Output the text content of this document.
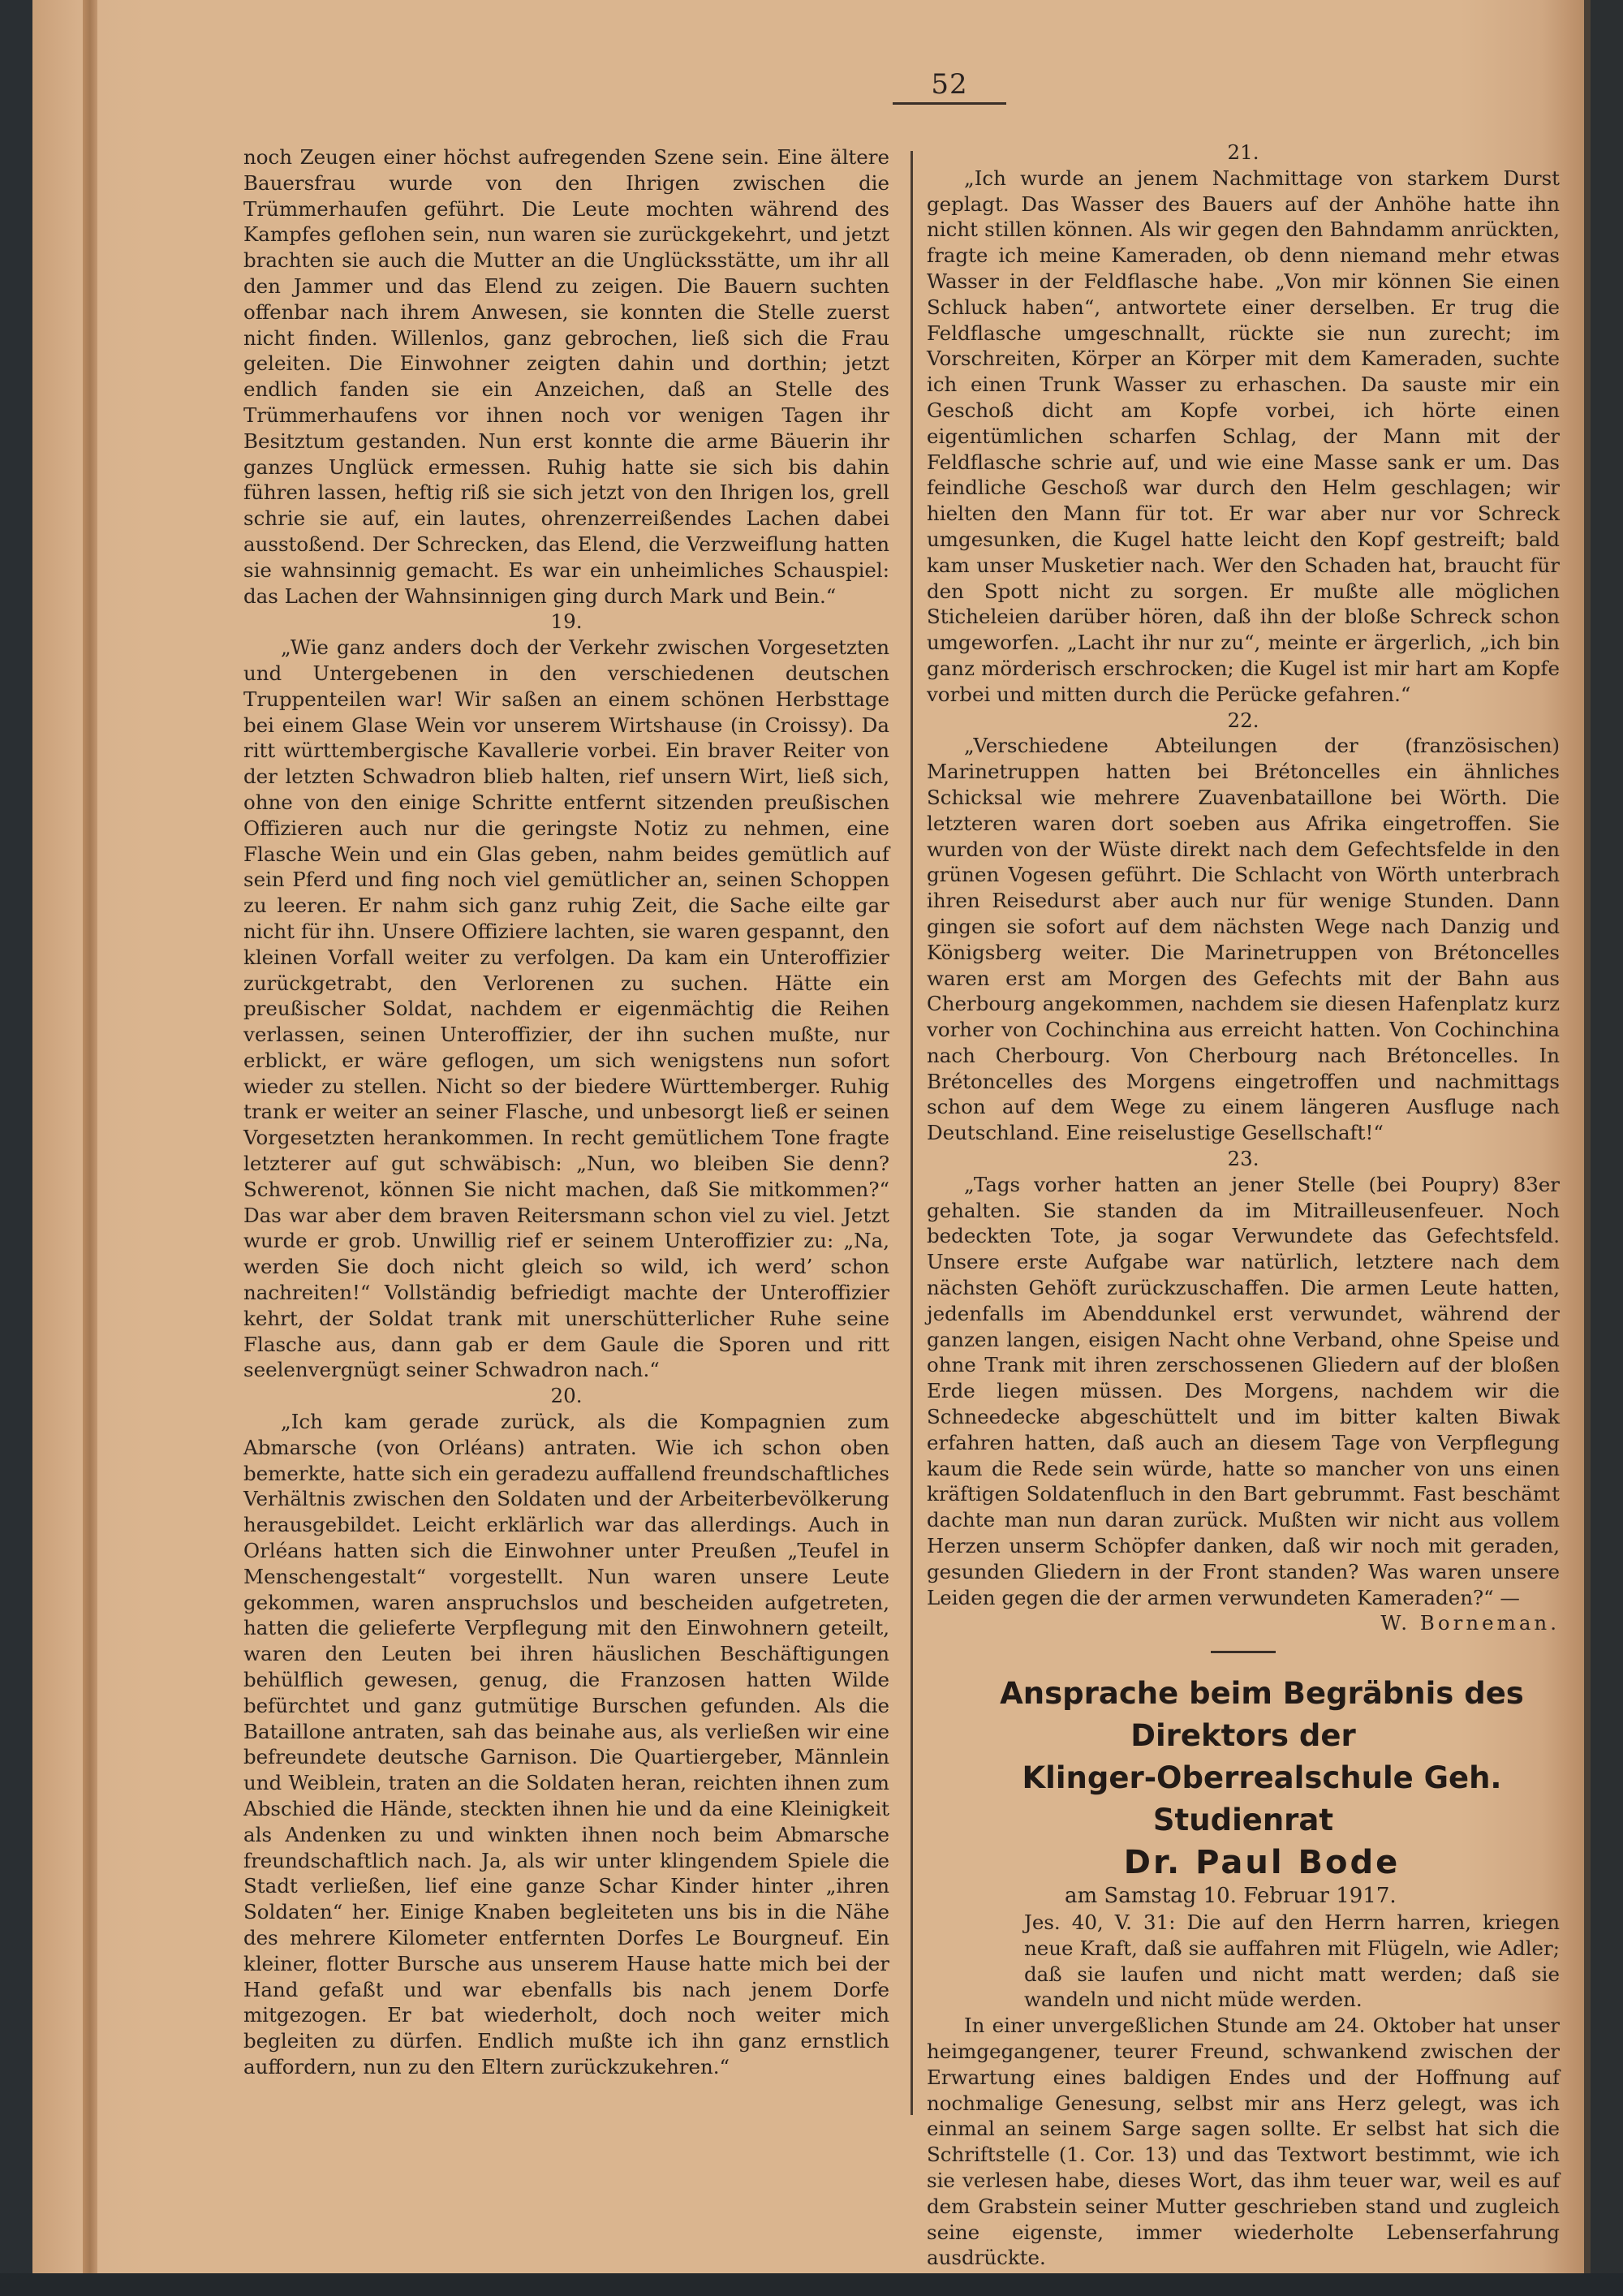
52

noch Zeugen einer höchst aufregenden Szene sein. Eine ältere Bauersfrau wurde von den Ihrigen zwischen die Trümmerhaufen geführt. Die Leute mochten während des Kampfes geflohen sein, nun waren sie zurückgekehrt, und jetzt brachten sie auch die Mutter an die Unglücksstätte, um ihr all den Jammer und das Elend zu zeigen. Die Bauern suchten offenbar nach ihrem Anwesen, sie konnten die Stelle zuerst nicht finden. Willenlos, ganz gebrochen, ließ sich die Frau geleiten. Die Einwohner zeigten dahin und dorthin; jetzt endlich fanden sie ein Anzeichen, daß an Stelle des Trümmerhaufens vor ihnen noch vor wenigen Tagen ihr Besitztum gestanden. Nun erst konnte die arme Bäuerin ihr ganzes Unglück ermessen. Ruhig hatte sie sich bis dahin führen lassen, heftig riß sie sich jetzt von den Ihrigen los, grell schrie sie auf, ein lautes, ohrenzerreißendes Lachen dabei ausstoßend. Der Schrecken, das Elend, die Verzweiflung hatten sie wahnsinnig gemacht. Es war ein unheimliches Schauspiel: das Lachen der Wahnsinnigen ging durch Mark und Bein.“

19.

„Wie ganz anders doch der Verkehr zwischen Vorgesetzten und Untergebenen in den verschiedenen deutschen Truppenteilen war! Wir saßen an einem schönen Herbsttage bei einem Glase Wein vor unserem Wirtshause (in Croissy). Da ritt württembergische Kavallerie vorbei. Ein braver Reiter von der letzten Schwadron blieb halten, rief unsern Wirt, ließ sich, ohne von den einige Schritte entfernt sitzenden preußischen Offizieren auch nur die geringste Notiz zu nehmen, eine Flasche Wein und ein Glas geben, nahm beides gemütlich auf sein Pferd und fing noch viel gemütlicher an, seinen Schoppen zu leeren. Er nahm sich ganz ruhig Zeit, die Sache eilte gar nicht für ihn. Unsere Offiziere lachten, sie waren gespannt, den kleinen Vorfall weiter zu verfolgen. Da kam ein Unteroffizier zurückgetrabt, den Verlorenen zu suchen. Hätte ein preußischer Soldat, nachdem er eigenmächtig die Reihen verlassen, seinen Unteroffizier, der ihn suchen mußte, nur erblickt, er wäre geflogen, um sich wenigstens nun sofort wieder zu stellen. Nicht so der biedere Württemberger. Ruhig trank er weiter an seiner Flasche, und unbesorgt ließ er seinen Vorgesetzten herankommen. In recht gemütlichem Tone fragte letzterer auf gut schwäbisch: „Nun, wo bleiben Sie denn? Schwerenot, können Sie nicht machen, daß Sie mitkommen?“ Das war aber dem braven Reitersmann schon viel zu viel. Jetzt wurde er grob. Unwillig rief er seinem Unteroffizier zu: „Na, werden Sie doch nicht gleich so wild, ich werd’ schon nachreiten!“ Vollständig befriedigt machte der Unteroffizier kehrt, der Soldat trank mit unerschütterlicher Ruhe seine Flasche aus, dann gab er dem Gaule die Sporen und ritt seelenvergnügt seiner Schwadron nach.“

20.

„Ich kam gerade zurück, als die Kompagnien zum Abmarsche (von Orléans) antraten. Wie ich schon oben bemerkte, hatte sich ein geradezu auffallend freundschaftliches Verhältnis zwischen den Soldaten und der Arbeiterbevölkerung herausgebildet. Leicht erklärlich war das allerdings. Auch in Orléans hatten sich die Einwohner unter Preußen „Teufel in Menschengestalt“ vorgestellt. Nun waren unsere Leute gekommen, waren anspruchslos und bescheiden aufgetreten, hatten die gelieferte Verpflegung mit den Einwohnern geteilt, waren den Leuten bei ihren häuslichen Beschäftigungen behülflich gewesen, genug, die Franzosen hatten Wilde befürchtet und ganz gutmütige Burschen gefunden. Als die Bataillone antraten, sah das beinahe aus, als verließen wir eine befreundete deutsche Garnison. Die Quartiergeber, Männlein und Weiblein, traten an die Soldaten heran, reichten ihnen zum Abschied die Hände, steckten ihnen hie und da eine Kleinigkeit als Andenken zu und winkten ihnen noch beim Abmarsche freundschaftlich nach. Ja, als wir unter klingendem Spiele die Stadt verließen, lief eine ganze Schar Kinder hinter „ihren Soldaten“ her. Einige Knaben begleiteten uns bis in die Nähe des mehrere Kilometer entfernten Dorfes Le Bourgneuf. Ein kleiner, flotter Bursche aus unserem Hause hatte mich bei der Hand gefaßt und war ebenfalls bis nach jenem Dorfe mitgezogen. Er bat wiederholt, doch noch weiter mich begleiten zu dürfen. Endlich mußte ich ihn ganz ernstlich auffordern, nun zu den Eltern zurückzukehren.“

21.

„Ich wurde an jenem Nachmittage von starkem Durst geplagt. Das Wasser des Bauers auf der Anhöhe hatte ihn nicht stillen können. Als wir gegen den Bahndamm anrückten, fragte ich meine Kameraden, ob denn niemand mehr etwas Wasser in der Feldflasche habe. „Von mir können Sie einen Schluck haben“, antwortete einer derselben. Er trug die Feldflasche umgeschnallt, rückte sie nun zurecht; im Vorschreiten, Körper an Körper mit dem Kameraden, suchte ich einen Trunk Wasser zu erhaschen. Da sauste mir ein Geschoß dicht am Kopfe vorbei, ich hörte einen eigentümlichen scharfen Schlag, der Mann mit der Feldflasche schrie auf, und wie eine Masse sank er um. Das feindliche Geschoß war durch den Helm geschlagen; wir hielten den Mann für tot. Er war aber nur vor Schreck umgesunken, die Kugel hatte leicht den Kopf gestreift; bald kam unser Musketier nach. Wer den Schaden hat, braucht für den Spott nicht zu sorgen. Er mußte alle möglichen Sticheleien darüber hören, daß ihn der bloße Schreck schon umgeworfen. „Lacht ihr nur zu“, meinte er ärgerlich, „ich bin ganz mörderisch erschrocken; die Kugel ist mir hart am Kopfe vorbei und mitten durch die Perücke gefahren.“

22.

„Verschiedene Abteilungen der (französischen) Marinetruppen hatten bei Brétoncelles ein ähnliches Schicksal wie mehrere Zuavenbataillone bei Wörth. Die letzteren waren dort soeben aus Afrika eingetroffen. Sie wurden von der Wüste direkt nach dem Gefechtsfelde in den grünen Vogesen geführt. Die Schlacht von Wörth unterbrach ihren Reisedurst aber auch nur für wenige Stunden. Dann gingen sie sofort auf dem nächsten Wege nach Danzig und Königsberg weiter. Die Marinetruppen von Brétoncelles waren erst am Morgen des Gefechts mit der Bahn aus Cherbourg angekommen, nachdem sie diesen Hafenplatz kurz vorher von Cochinchina aus erreicht hatten. Von Cochinchina nach Cherbourg. Von Cherbourg nach Brétoncelles. In Brétoncelles des Morgens eingetroffen und nachmittags schon auf dem Wege zu einem längeren Ausfluge nach Deutschland. Eine reiselustige Gesellschaft!“

23.

„Tags vorher hatten an jener Stelle (bei Poupry) 83er gehalten. Sie standen da im Mitrailleusenfeuer. Noch bedeckten Tote, ja sogar Verwundete das Gefechtsfeld. Unsere erste Aufgabe war natürlich, letztere nach dem nächsten Gehöft zurückzuschaffen. Die armen Leute hatten, jedenfalls im Abenddunkel erst verwundet, während der ganzen langen, eisigen Nacht ohne Verband, ohne Speise und ohne Trank mit ihren zerschossenen Gliedern auf der bloßen Erde liegen müssen. Des Morgens, nachdem wir die Schneedecke abgeschüttelt und im bitter kalten Biwak erfahren hatten, daß auch an diesem Tage von Verpflegung kaum die Rede sein würde, hatte so mancher von uns einen kräftigen Soldatenfluch in den Bart gebrummt. Fast beschämt dachte man nun daran zurück. Mußten wir nicht aus vollem Herzen unserm Schöpfer danken, daß wir noch mit geraden, gesunden Gliedern in der Front standen? Was waren unsere Leiden gegen die der armen verwundeten Kameraden?“ —

W. Borneman.

Ansprache beim Begräbnis des Direktors der

Klinger-Oberrealschule Geh. Studienrat

Dr. Paul Bode

am Samstag 10. Februar 1917.

Jes. 40, V. 31: Die auf den Herrn harren, kriegen neue Kraft, daß sie auffahren mit Flügeln, wie Adler; daß sie laufen und nicht matt werden; daß sie wandeln und nicht müde werden.

In einer unvergeßlichen Stunde am 24. Oktober hat unser heimgegangener, teurer Freund, schwankend zwischen der Erwartung eines baldigen Endes und der Hoffnung auf nochmalige Genesung, selbst mir ans Herz gelegt, was ich einmal an seinem Sarge sagen sollte. Er selbst hat sich die Schriftstelle (1. Cor. 13) und das Textwort bestimmt, wie ich sie verlesen habe, dieses Wort, das ihm teuer war, weil es auf dem Grabstein seiner Mutter geschrieben stand und zugleich seine eigenste, immer wiederholte Lebenserfahrung ausdrückte.
